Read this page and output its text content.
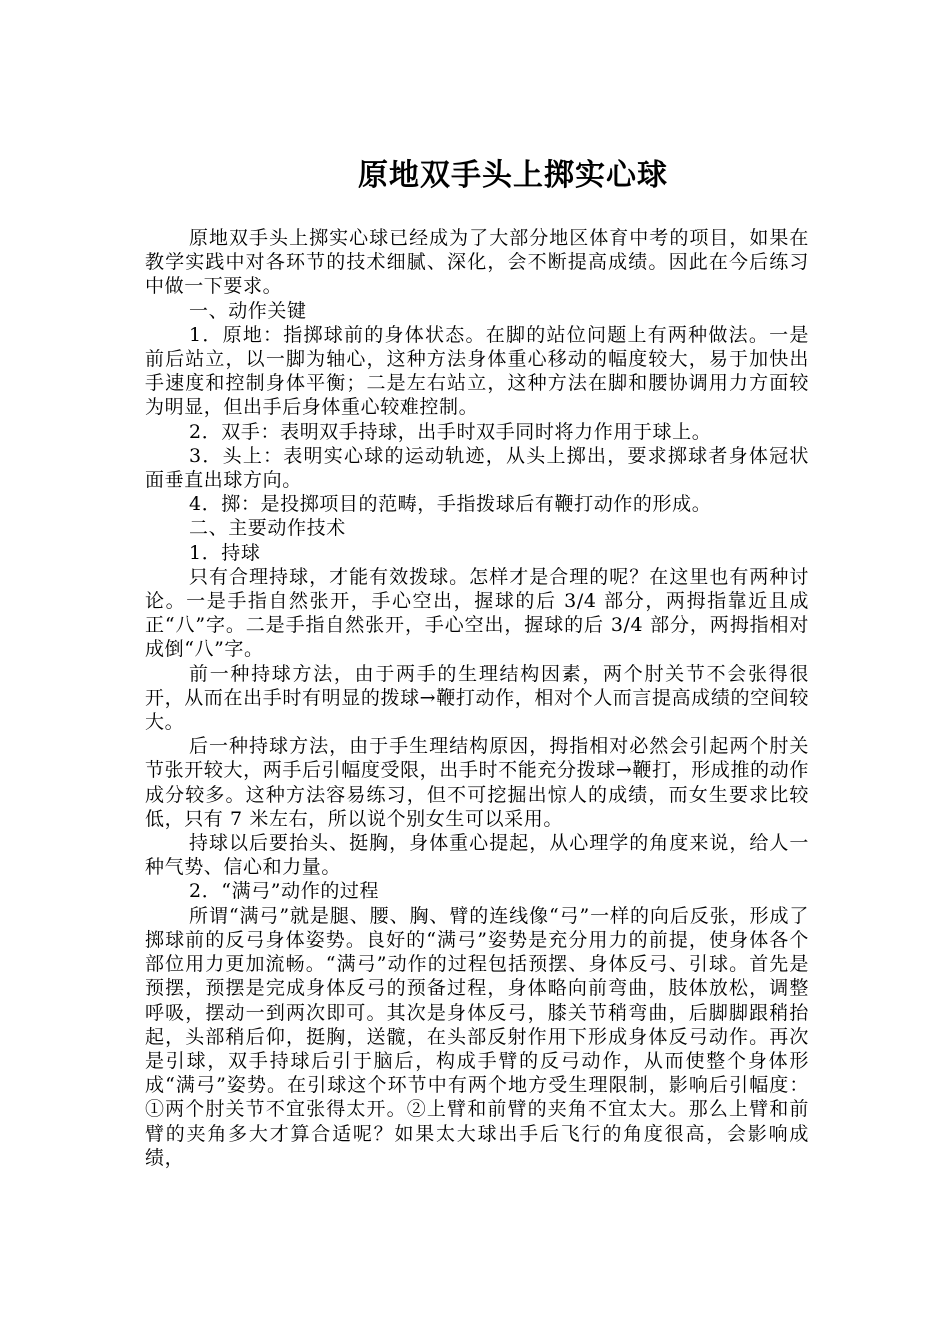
原地双手头上掷实心球

原地双手头上掷实心球已经成为了大部分地区体育中考的项目，如果在教学实践中对各环节的技术细腻、深化，会不断提高成绩。因此在今后练习中做一下要求。

一、动作关键

1．原地：指掷球前的身体状态。在脚的站位问题上有两种做法。一是前后站立，以一脚为轴心，这种方法身体重心移动的幅度较大，易于加快出手速度和控制身体平衡；二是左右站立，这种方法在脚和腰协调用力方面较为明显，但出手后身体重心较难控制。

2．双手：表明双手持球，出手时双手同时将力作用于球上。

3．头上：表明实心球的运动轨迹，从头上掷出，要求掷球者身体冠状面垂直出球方向。

4．掷：是投掷项目的范畴，手指拨球后有鞭打动作的形成。

二、主要动作技术

1．持球

只有合理持球，才能有效拨球。怎样才是合理的呢？在这里也有两种讨论。一是手指自然张开，手心空出，握球的后 3/4 部分，两拇指靠近且成正“八”字。二是手指自然张开，手心空出，握球的后 3/4 部分，两拇指相对成倒“八”字。

前一种持球方法，由于两手的生理结构因素，两个肘关节不会张得很开，从而在出手时有明显的拨球→鞭打动作，相对个人而言提高成绩的空间较大。

后一种持球方法，由于手生理结构原因，拇指相对必然会引起两个肘关节张开较大，两手后引幅度受限，出手时不能充分拨球→鞭打，形成推的动作成分较多。这种方法容易练习，但不可挖掘出惊人的成绩，而女生要求比较低，只有 7 米左右，所以说个别女生可以采用。

持球以后要抬头、挺胸，身体重心提起，从心理学的角度来说，给人一种气势、信心和力量。

2．“满弓”动作的过程

所谓“满弓”就是腿、腰、胸、臂的连线像“弓”一样的向后反张，形成了掷球前的反弓身体姿势。良好的“满弓”姿势是充分用力的前提，使身体各个部位用力更加流畅。“满弓”动作的过程包括预摆、身体反弓、引球。首先是预摆，预摆是完成身体反弓的预备过程，身体略向前弯曲，肢体放松，调整呼吸，摆动一到两次即可。其次是身体反弓，膝关节稍弯曲，后脚脚跟稍抬起，头部稍后仰，挺胸，送髋，在头部反射作用下形成身体反弓动作。再次是引球，双手持球后引于脑后，构成手臂的反弓动作，从而使整个身体形成“满弓”姿势。在引球这个环节中有两个地方受生理限制，影响后引幅度：①两个肘关节不宜张得太开。②上臂和前臂的夹角不宜太大。那么上臂和前臂的夹角多大才算合适呢？如果太大球出手后飞行的角度很高，会影响成绩，
